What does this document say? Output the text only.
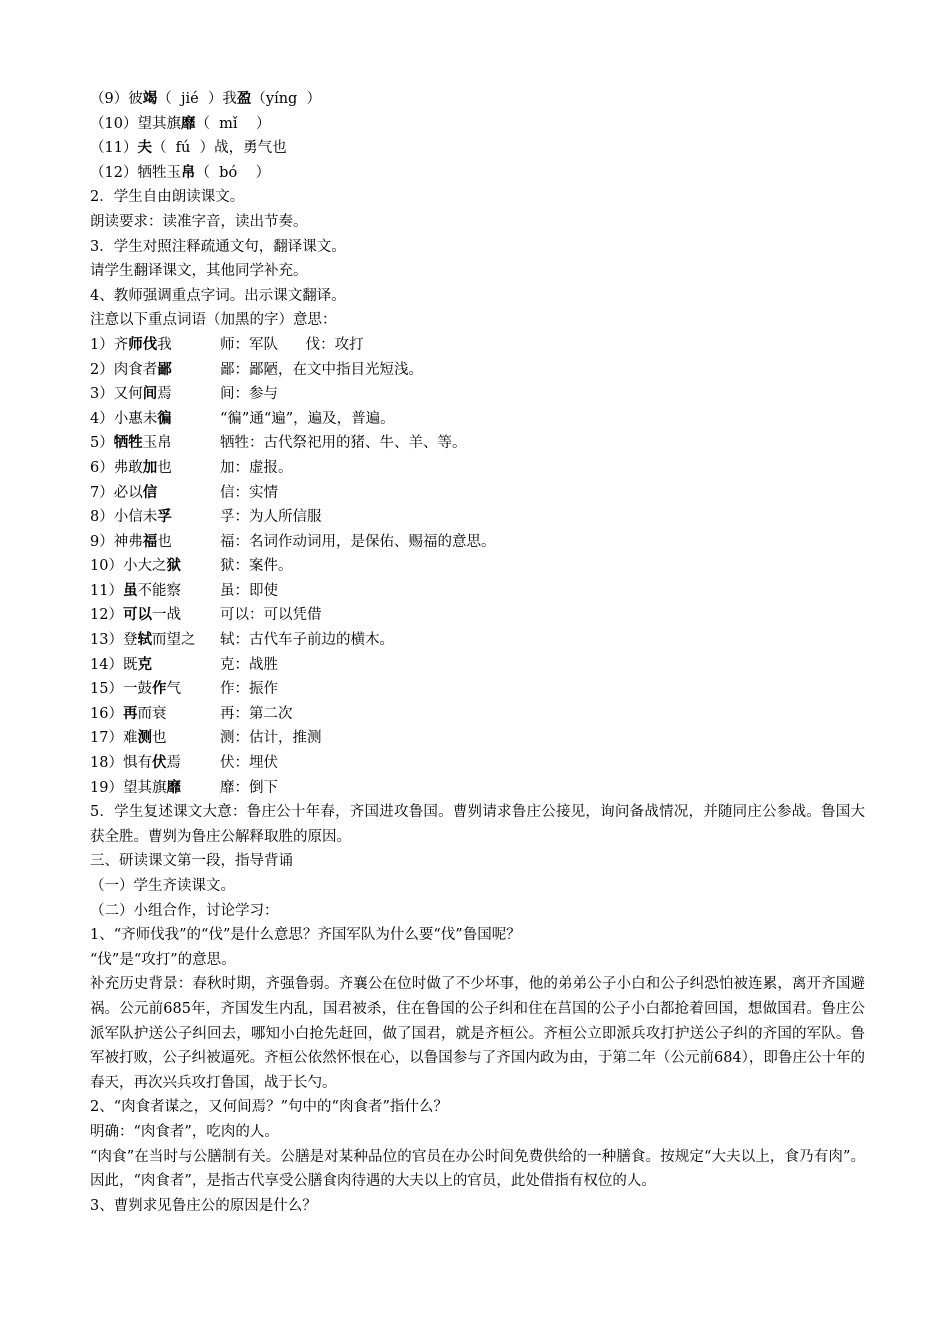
（9）彼竭（  jié  ）我盈（yíng  ）
（10）望其旗靡（  mǐ    ）
（11）夫（  fú  ）战，勇气也
（12）牺牲玉帛（  bó    ）
2．学生自由朗读课文。
朗读要求：读准字音，读出节奏。
3．学生对照注释疏通文句，翻译课文。
请学生翻译课文，其他同学补充。
4、教师强调重点字词。出示课文翻译。
注意以下重点词语（加黑的字）意思：
1）齐师伐我	师：军队      伐：攻打
2）肉食者鄙	鄙：鄙陋，在文中指目光短浅。
3）又何间焉	间：参与
4）小惠未徧	“徧”通“遍”，遍及，普遍。
5）牺牲玉帛	牺牲：古代祭祀用的猪、牛、羊、等。
6）弗敢加也	加：虚报。
7）必以信	信：实情
8）小信未孚	孚：为人所信服
9）神弗福也	福：名词作动词用，是保佑、赐福的意思。
10）小大之狱	狱：案件。
11）虽不能察	虽：即使
12）可以一战	可以：可以凭借
13）登轼而望之 轼：古代车子前边的横木。
14）既克	克：战胜
15）一鼓作气	作：振作
16）再而衰	再：第二次
17）难测也	测：估计，推测
18）惧有伏焉	伏：埋伏
19）望其旗靡	靡：倒下
5．学生复述课文大意：鲁庄公十年春，齐国进攻鲁国。曹刿请求鲁庄公接见，询问备战情况，并随同庄公参战。鲁国大获全胜。曹刿为鲁庄公解释取胜的原因。
三、研读课文第一段，指导背诵
（一）学生齐读课文。
（二）小组合作，讨论学习：
1、“齐师伐我”的“伐”是什么意思？齐国军队为什么要“伐”鲁国呢？
“伐”是“攻打”的意思。
补充历史背景：春秋时期，齐强鲁弱。齐襄公在位时做了不少坏事，他的弟弟公子小白和公子纠恐怕被连累，离开齐国避祸。公元前685年，齐国发生内乱，国君被杀，住在鲁国的公子纠和住在莒国的公子小白都抢着回国，想做国君。鲁庄公派军队护送公子纠回去，哪知小白抢先赶回，做了国君，就是齐桓公。齐桓公立即派兵攻打护送公子纠的齐国的军队。鲁军被打败，公子纠被逼死。齐桓公依然怀恨在心，以鲁国参与了齐国内政为由，于第二年（公元前684），即鲁庄公十年的春天，再次兴兵攻打鲁国，战于长勺。
2、“肉食者谋之，又何间焉？”句中的“肉食者”指什么？
明确：“肉食者”，吃肉的人。
“肉食”在当时与公膳制有关。公膳是对某种品位的官员在办公时间免费供给的一种膳食。按规定“大夫以上，食乃有肉”。因此，“肉食者”，是指古代享受公膳食肉待遇的大夫以上的官员，此处借指有权位的人。
3、曹刿求见鲁庄公的原因是什么？
